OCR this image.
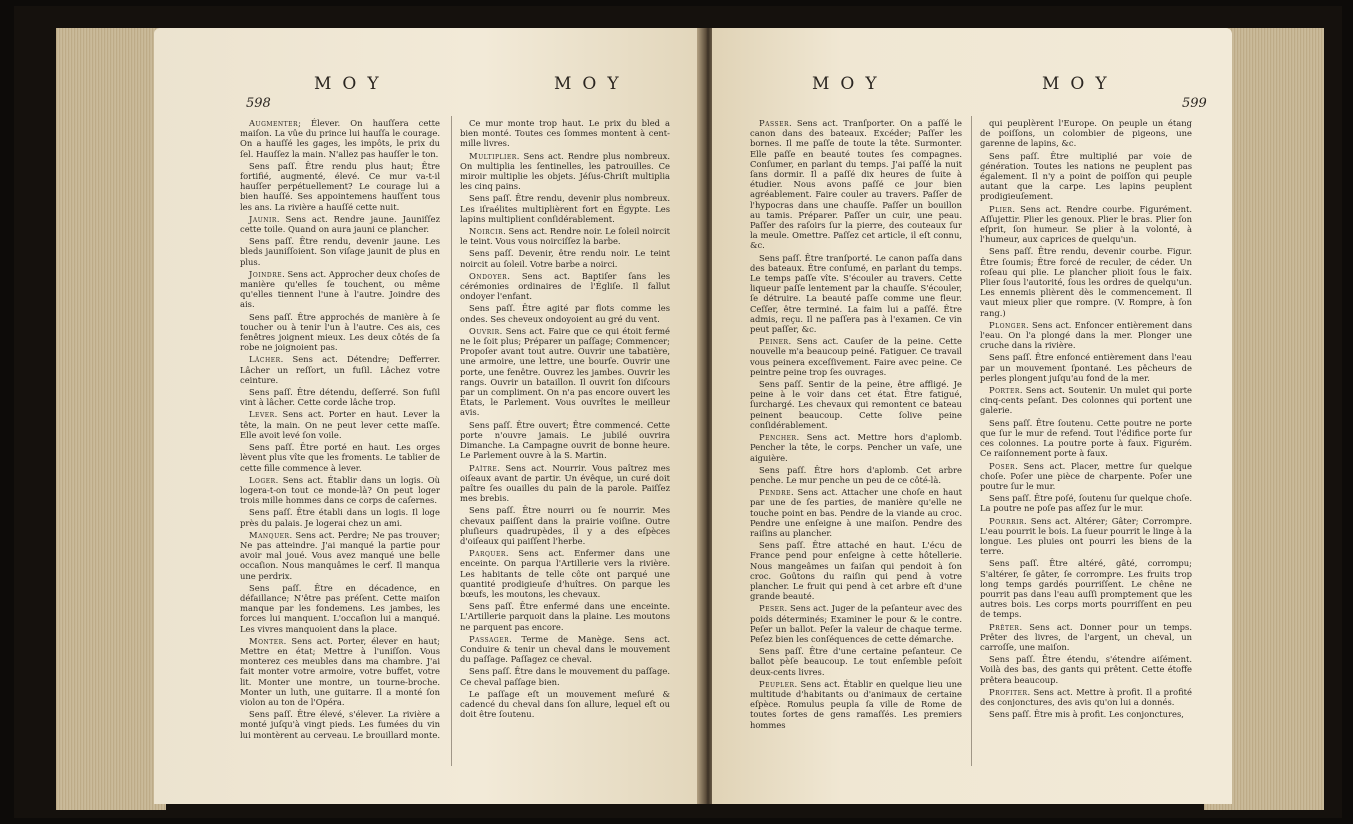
598
MOY	MOY

Augmenter; Élever. On hauſſera cette maiſon. La vûe du prince lui hauſſa le courage. On a hauſſé les gages, les impôts, le prix du ſel. Hauſſez la main. N'allez pas hauſſer le ton.

Sens paſſ. Être rendu plus haut; Être fortifié, augmenté, élevé. Ce mur va-t-il hauſſer perpétuellement? Le courage lui a bien hauſſé. Ses appointemens hauſſent tous les ans. La rivière a hauſſé cette nuit.

Jaunir. Sens act. Rendre jaune. Jauniſſez cette toile. Quand on aura jauni ce plancher.

Sens paſſ. Être rendu, devenir jaune. Les bleds jauniſſoient. Son viſage jaunit de plus en plus.

Joindre. Sens act. Approcher deux choſes de manière qu'elles ſe touchent, ou même qu'elles tiennent l'une à l'autre. Joindre des ais.

Sens paſſ. Être approchés de manière à ſe toucher ou à tenir l'un à l'autre. Ces ais, ces fenêtres joignent mieux. Les deux côtés de ſa robe ne joignoient pas.

Lâcher. Sens act. Détendre; Defferrer. Lâcher un reſſort, un fuſil. Lâchez votre ceinture.

Sens paſſ. Être détendu, deſſerré. Son fuſil vint à lâcher. Cette corde lâche trop.

Lever. Sens act. Porter en haut. Lever la tête, la main. On ne peut lever cette maſſe. Elle avoit levé ſon voile.

Sens paſſ. Être porté en haut. Les orges lèvent plus vîte que les froments. Le tablier de cette fille commence à lever.

Loger. Sens act. Établir dans un logis. Où logera-t-on tout ce monde-là? On peut loger trois mille hommes dans ce corps de caſernes.

Sens paſſ. Être établi dans un logis. Il loge près du palais. Je logerai chez un ami.

Manquer. Sens act. Perdre; Ne pas trouver; Ne pas atteindre. J'ai manqué la partie pour avoir mal joué. Vous avez manqué une belle occaſion. Nous manquâmes le cerf. Il manqua une perdrix.

Sens paſſ. Être en décadence, en défaillance; N'être pas préſent. Cette maiſon manque par les fondemens. Les jambes, les forces lui manquent. L'occaſion lui a manqué. Les vivres manquoient dans la place.

Monter. Sens act. Porter, élever en haut; Mettre en état; Mettre à l'uniſſon. Vous monterez ces meubles dans ma chambre. J'ai fait monter votre armoire, votre buffet, votre lit. Monter une montre, un tourne-broche. Monter un luth, une guitarre. Il a monté ſon violon au ton de l'Opéra.

Sens paſſ. Être élevé, s'élever. La rivière a monté juſqu'à vingt pieds. Les fumées du vin lui montèrent au cerveau. Le brouillard monte.

Ce mur monte trop haut. Le prix du bled a bien monté. Toutes ces ſommes montent à cent-mille livres.

Multiplier. Sens act. Rendre plus nombreux. On multiplia les ſentinelles, les patrouilles. Ce miroir multiplie les objets. Jéſus-Chriſt multiplia les cinq pains.

Sens paſſ. Être rendu, devenir plus nombreux. Les iſraélites multiplièrent fort en Égypte. Les lapins multiplient conſidérablement.

Noircir. Sens act. Rendre noir. Le ſoleil noircit le teint. Vous vous noirciſſez la barbe.

Sens paſſ. Devenir, être rendu noir. Le teint noircit au ſoleil. Votre barbe a noirci.

Ondoyer. Sens act. Baptiſer ſans les cérémonies ordinaires de l'Égliſe. Il fallut ondoyer l'enfant.

Sens paſſ. Être agité par flots comme les ondes. Ses cheveux ondoyoient au gré du vent.

Ouvrir. Sens act. Faire que ce qui étoit fermé ne le ſoit plus; Préparer un paſſage; Commencer; Propoſer avant tout autre. Ouvrir une tabatière, une armoire, une lettre, une bourſe. Ouvrir une porte, une fenêtre. Ouvrez les jambes. Ouvrir les rangs. Ouvrir un bataillon. Il ouvrit ſon diſcours par un compliment. On n'a pas encore ouvert les États, le Parlement. Vous ouvrîtes le meilleur avis.

Sens paſſ. Être ouvert; Être commencé. Cette porte n'ouvre jamais. Le jubilé ouvrira Dimanche. La Campagne ouvrit de bonne heure. Le Parlement ouvre à la S. Martin.

Paître. Sens act. Nourrir. Vous paîtrez mes oiſeaux avant de partir. Un évêque, un curé doit paître ſes ouailles du pain de la parole. Paiſſez mes brebis.

Sens paſſ. Être nourri ou ſe nourrir. Mes chevaux paiſſent dans la prairie voiſine. Outre pluſieurs quadrupèdes, il y a des eſpèces d'oiſeaux qui paiſſent l'herbe.

Parquer. Sens act. Enfermer dans une enceinte. On parqua l'Artillerie vers la rivière. Les habitants de telle côte ont parqué une quantité prodigieuſe d'huîtres. On parque les bœufs, les moutons, les chevaux.

Sens paſſ. Être enfermé dans une enceinte. L'Artillerie parquoit dans la plaine. Les moutons ne parquent pas encore.

Passager. Terme de Manège. Sens act. Conduire & tenir un cheval dans le mouvement du paſſage. Paſſagez ce cheval.

Sens paſſ. Être dans le mouvement du paſſage. Ce cheval paſſage bien.

Le paſſage eſt un mouvement meſuré & cadencé du cheval dans ſon allure, lequel eſt ou doit être ſoutenu.

MOY	MOY
599

Passer. Sens act. Tranſporter. On a paſſé le canon dans des bateaux. Excéder; Paſſer les bornes. Il me paſſe de toute la tête. Surmonter. Elle paſſe en beauté toutes ſes compagnes. Conſumer, en parlant du temps. J'ai paſſé la nuit ſans dormir. Il a paſſé dix heures de ſuite à étudier. Nous avons paſſé ce jour bien agréablement. Faire couler au travers. Paſſer de l'hypocras dans une chauſſe. Paſſer un bouillon au tamis. Préparer. Paſſer un cuir, une peau. Paſſer des raſoirs ſur la pierre, des couteaux ſur la meule. Omettre. Paſſez cet article, il eſt connu, &c.

Sens paſſ. Être tranſporté. Le canon paſſa dans des bateaux. Être conſumé, en parlant du temps. Le temps paſſe vîte. S'écouler au travers. Cette liqueur paſſe lentement par la chauſſe. S'écouler, ſe détruire. La beauté paſſe comme une fleur. Ceſſer, être terminé. La faim lui a paſſé. Être admis, reçu. Il ne paſſera pas à l'examen. Ce vin peut paſſer, &c.

Peiner. Sens act. Cauſer de la peine. Cette nouvelle m'a beaucoup peiné. Fatiguer. Ce travail vous peinera exceſſivement. Faire avec peine. Ce peintre peine trop ſes ouvrages.

Sens paſſ. Sentir de la peine, être affligé. Je peine à le voir dans cet état. Être fatigué, ſurchargé. Les chevaux qui remontent ce bateau peinent beaucoup. Cette ſolive peine conſidérablement.

Pencher. Sens act. Mettre hors d'aplomb. Pencher la tête, le corps. Pencher un vaſe, une aiguière.

Sens paſſ. Être hors d'aplomb. Cet arbre penche. Le mur penche un peu de ce côté-là.

Pendre. Sens act. Attacher une choſe en haut par une de ſes parties, de manière qu'elle ne touche point en bas. Pendre de la viande au croc. Pendre une enſeigne à une maiſon. Pendre des raiſins au plancher.

Sens paſſ. Être attaché en haut. L'écu de France pend pour enſeigne à cette hôtellerie. Nous mangeâmes un faiſan qui pendoit à ſon croc. Goûtons du raiſin qui pend à votre plancher. Le fruit qui pend à cet arbre eſt d'une grande beauté.

Peser. Sens act. Juger de la peſanteur avec des poids déterminés; Examiner le pour & le contre. Peſer un ballot. Peſer la valeur de chaque terme. Peſez bien les conſéquences de cette démarche.

Sens paſſ. Être d'une certaine peſanteur. Ce ballot pèſe beaucoup. Le tout enſemble peſoit deux-cents livres.

Peupler. Sens act. Établir en quelque lieu une multitude d'habitants ou d'animaux de certaine eſpèce. Romulus peupla ſa ville de Rome de toutes ſortes de gens ramaſſés. Les premiers hommes

qui peuplèrent l'Europe. On peuple un étang de poiſſons, un colombier de pigeons, une garenne de lapins, &c.

Sens paſſ. Être multiplié par voie de génération. Toutes les nations ne peuplent pas également. Il n'y a point de poiſſon qui peuple autant que la carpe. Les lapins peuplent prodigieuſement.

Plier. Sens act. Rendre courbe. Figurément. Aſſujettir. Plier les genoux. Plier le bras. Plier ſon eſprit, ſon humeur. Se plier à la volonté, à l'humeur, aux caprices de quelqu'un.

Sens paſſ. Être rendu, devenir courbe. Figur. Être ſoumis; Être forcé de reculer, de céder. Un roſeau qui plie. Le plancher plioit ſous le faix. Plier ſous l'autorité, ſous les ordres de quelqu'un. Les ennemis plièrent dès le commencement. Il vaut mieux plier que rompre. (V. Rompre, à ſon rang.)

Plonger. Sens act. Enfoncer entièrement dans l'eau. On l'a plongé dans la mer. Plonger une cruche dans la rivière.

Sens paſſ. Être enfoncé entièrement dans l'eau par un mouvement ſpontané. Les pêcheurs de perles plongent juſqu'au fond de la mer.

Porter. Sens act. Soutenir. Un mulet qui porte cinq-cents peſant. Des colonnes qui portent une galerie.

Sens paſſ. Être ſoutenu. Cette poutre ne porte que ſur le mur de refend. Tout l'édifice porte ſur ces colonnes. La poutre porte à faux. Figurém. Ce raiſonnement porte à faux.

Poser. Sens act. Placer, mettre ſur quelque choſe. Poſer une pièce de charpente. Poſer une poutre ſur le mur.

Sens paſſ. Être poſé, ſoutenu ſur quelque choſe. La poutre ne poſe pas aſſez ſur le mur.

Pourrir. Sens act. Altérer; Gâter; Corrompre. L'eau pourrit le bois. La ſueur pourrit le linge à la longue. Les pluies ont pourri les biens de la terre.

Sens paſſ. Être altéré, gâté, corrompu; S'altérer, ſe gâter, ſe corrompre. Les fruits trop long temps gardés pourriſſent. Le chêne ne pourrit pas dans l'eau auſſi promptement que les autres bois. Les corps morts pourriſſent en peu de temps.

Prêter. Sens act. Donner pour un temps. Prêter des livres, de l'argent, un cheval, un carroſſe, une maiſon.

Sens paſſ. Être étendu, s'étendre aiſément. Voilà des bas, des gants qui prêtent. Cette étoffe prêtera beaucoup.

Profiter. Sens act. Mettre à profit. Il a profité des conjonctures, des avis qu'on lui a donnés.

Sens paſſ. Être mis à profit. Les conjonctures,
